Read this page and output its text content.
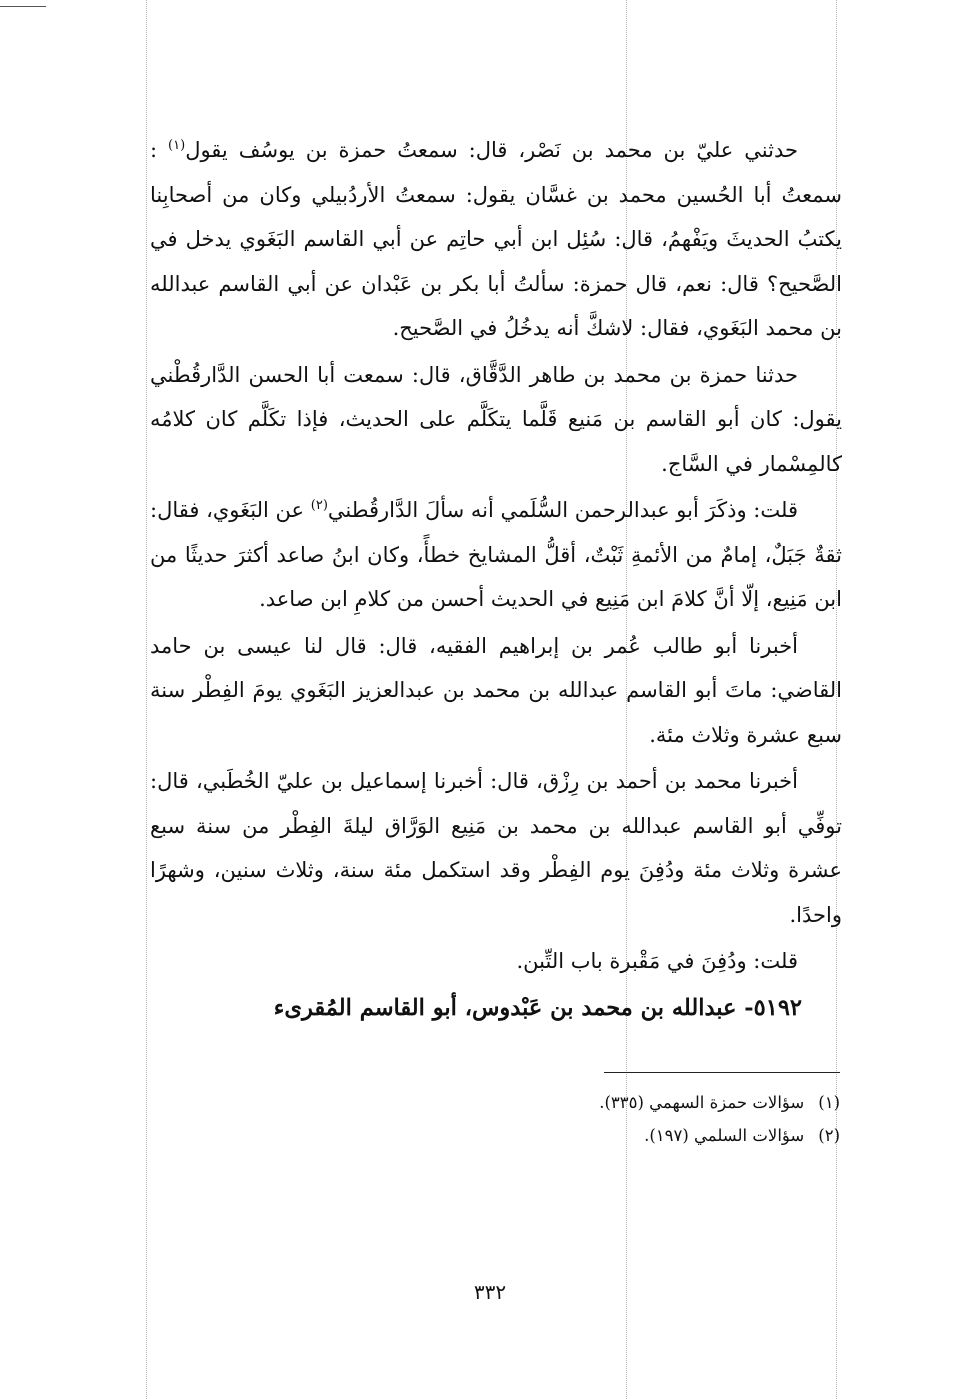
حدثني عليّ بن محمد بن نَصْر، قال: سمعتُ حمزة بن يوسُف يقول$^{(١)}$ : سمعتُ أبا الحُسين محمد بن غسَّان يقول: سمعتُ الأردُبيلي وكان من أصحابِنا يكتبُ الحديثَ ويَفْهمُ، قال: سُئِل ابن أبي حاتِم عن أبي القاسم البَغَوي يدخل في الصَّحيح؟ قال: نعم، قال حمزة: سألتُ أبا بكر بن عَبْدان عن أبي القاسم عبدالله بن محمد البَغَوي، فقال: لاشكَّ أنه يدخُلُ في الصَّحيح.

حدثنا حمزة بن محمد بن طاهر الدَّقَّاق، قال: سمعت أبا الحسن الدَّارقُطْني يقول: كان أبو القاسم بن مَنيع قَلَّما يتكَلَّم على الحديث، فإذا تكَلَّم كان كلامُه كالمِسْمار في السَّاج.

قلت: وذكَرَ أبو عبدالرحمن السُّلَمي أنه سألَ الدَّارقُطني$^{(٢)}$ عن البَغَوي، فقال: ثقةٌ جَبَلٌ، إمامٌ من الأئمةِ ثَبْتٌ، أقلُّ المشايخ خطأً، وكان ابنُ صاعد أكثرَ حديثًا من ابن مَنِيع، إلّا أنَّ كلامَ ابن مَنِيع في الحديث أحسن من كلامِ ابن صاعد.

أخبرنا أبو طالب عُمر بن إبراهيم الفقيه، قال: قال لنا عيسى بن حامد القاضي: ماتَ أبو القاسم عبدالله بن محمد بن عبدالعزيز البَغَوي يومَ الفِطْر سنة سبع عشرة وثلاث مئة.

أخبرنا محمد بن أحمد بن رِزْق، قال: أخبرنا إسماعيل بن عليّ الخُطَبي، قال: توفِّي أبو القاسم عبدالله بن محمد بن مَنِيع الوَرَّاق ليلةَ الفِطْر من سنة سبع عشرة وثلاث مئة ودُفِنَ يوم الفِطْر وقد استكمل مئة سنة، وثلاث سنين، وشهرًا واحدًا.

قلت: ودُفِنَ في مَقْبرة باب التِّبن.

٥١٩٢- عبدالله بن محمد بن عَبْدوس، أبو القاسم المُقرىء

(١)سؤالات حمزة السهمي (٣٣٥).
(٢)سؤالات السلمي (١٩٧).
٣٣٢
